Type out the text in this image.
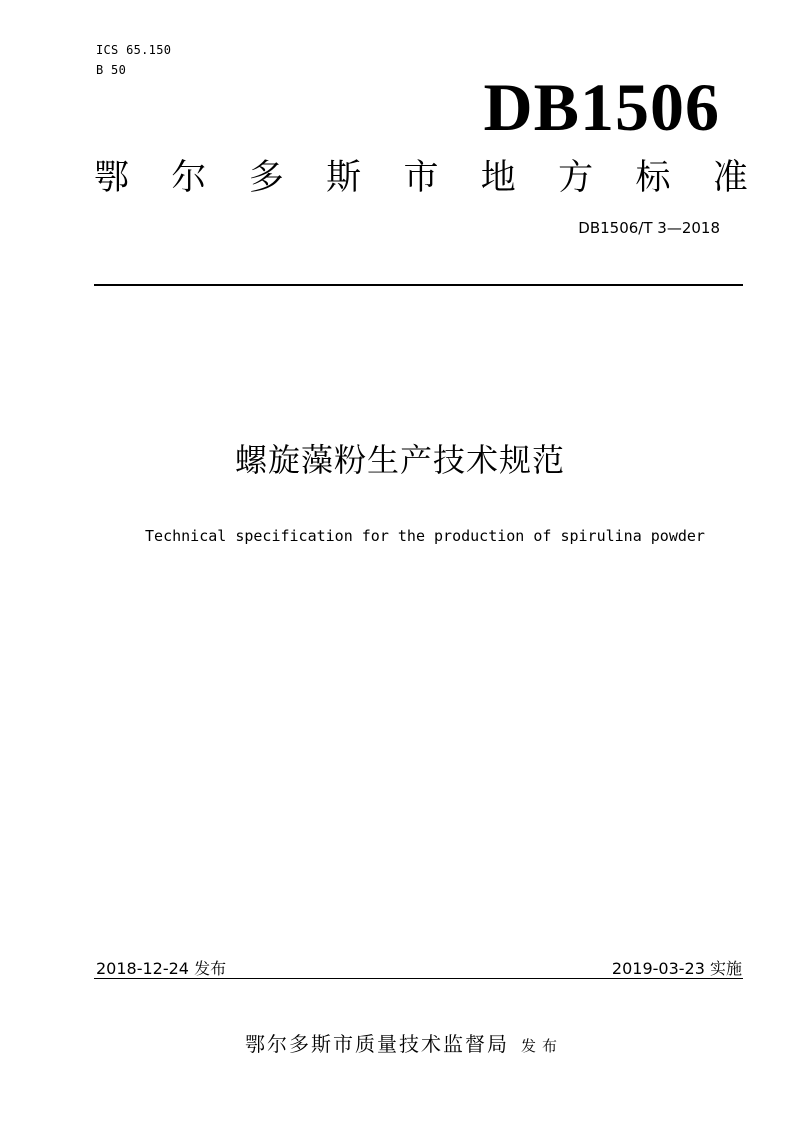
ICS 65.150
B 50	DB1506
鄂 尔 多 斯 市 地 方 标 准
DB1506/T 3—2018
螺旋藻粉生产技术规范
Technical specification for the production of spirulina powder
2018-12-24 发布	2019-03-23 实施
鄂尔多斯市质量技术监督局 发布
